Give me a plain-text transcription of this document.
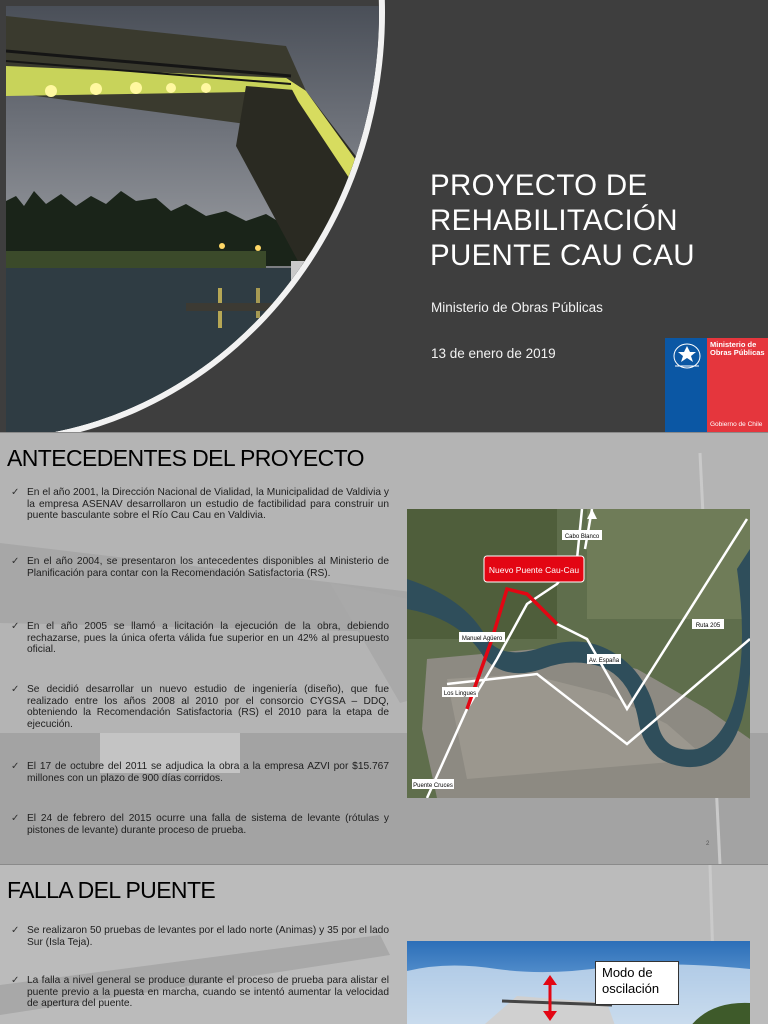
PROYECTO DE
REHABILITACIÓN
PUENTE CAU CAU
Ministerio de Obras Públicas
13 de enero de 2019
Ministerio de
Obras Públicas
Gobierno de Chile
ANTECEDENTES DEL PROYECTO
✓ En el año 2001, la Dirección Nacional de Vialidad, la Municipalidad de Valdivia y la empresa ASENAV desarrollaron un estudio de factibilidad para construir un puente basculante sobre el Río Cau Cau en Valdivia.
✓ En el año 2004, se presentaron los antecedentes disponibles al Ministerio de Planificación para contar con la Recomendación Satisfactoria (RS).
✓ En el año 2005 se llamó a licitación la ejecución de la obra, debiendo rechazarse, pues la única oferta válida fue superior en un 42% al presupuesto oficial.
✓ Se decidió desarrollar un nuevo estudio de ingeniería (diseño), que fue realizado entre los años 2008 al 2010 por el consorcio CYGSA – DDQ, obteniendo la Recomendación Satisfactoria (RS) el 2010 para la etapa de ejecución.
✓ El 17 de octubre del 2011 se adjudica la obra a la empresa AZVI por $15.767 millones con un plazo de 900 días corridos.
✓ El 24 de febrero del 2015 ocurre una falla de sistema de levante (rótulas y pistones de levante) durante proceso de prueba.
Nuevo Puente Cau-Cau
Cabo Blanco
Manuel Agüero
Ruta 205
Av. España
Los Lingues
Puente Cruces
2
FALLA DEL PUENTE
✓ Se realizaron 50 pruebas de levantes por el lado norte (Animas) y 35 por el lado Sur (Isla Teja).
✓ La falla a nivel general se produce durante el proceso de prueba para alistar el puente previo a la puesta en marcha, cuando se intentó aumentar la velocidad de apertura del puente.
Modo de
oscilación
